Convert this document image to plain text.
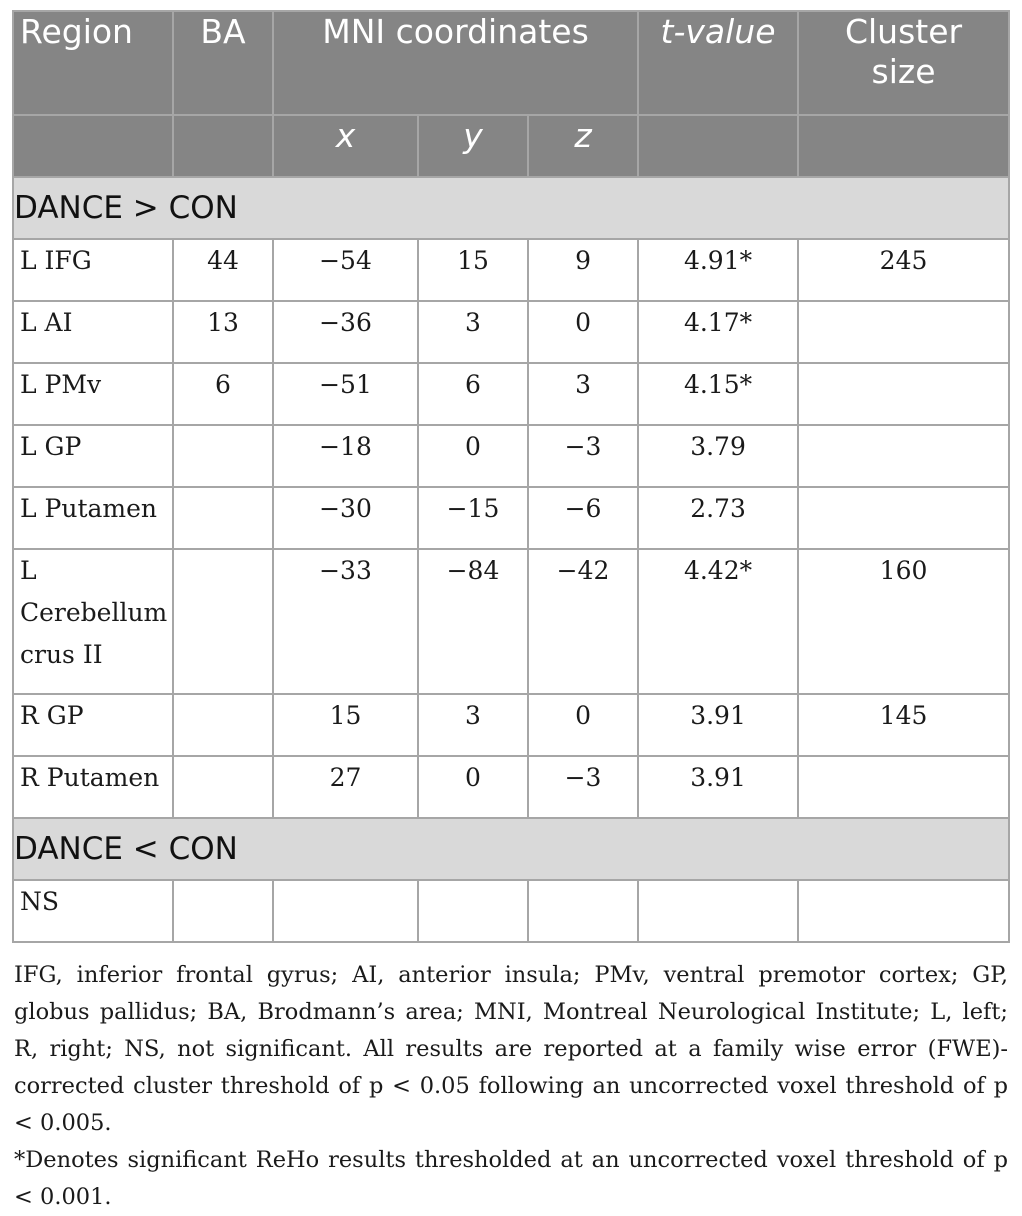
Region	BA	MNI coordinates			t-value	Cluster
size
		x	y	z		
DANCE > CON						
L IFG	44	−54	15	9	4.91*	245
L AI	13	−36	3	0	4.17*	
L PMv	6	−51	6	3	4.15*	
L GP		−18	0	−3	3.79	
L Putamen		−30	−15	−6	2.73	
L
Cerebellum
crus II		−33	−84	−42	4.42*	160
R GP		15	3	0	3.91	145
R Putamen		27	0	−3	3.91	
DANCE < CON						
NS						

IFG, inferior frontal gyrus; AI, anterior insula; PMv, ventral premotor cortex; GP, globus pallidus; BA, Brodmann’s area; MNI, Montreal Neurological Institute; L, left; R, right; NS, not significant. All results are reported at a family wise error (FWE)-corrected cluster threshold of p < 0.05 following an uncorrected voxel threshold of p < 0.005.

*Denotes significant ReHo results thresholded at an uncorrected voxel threshold of p < 0.001.
